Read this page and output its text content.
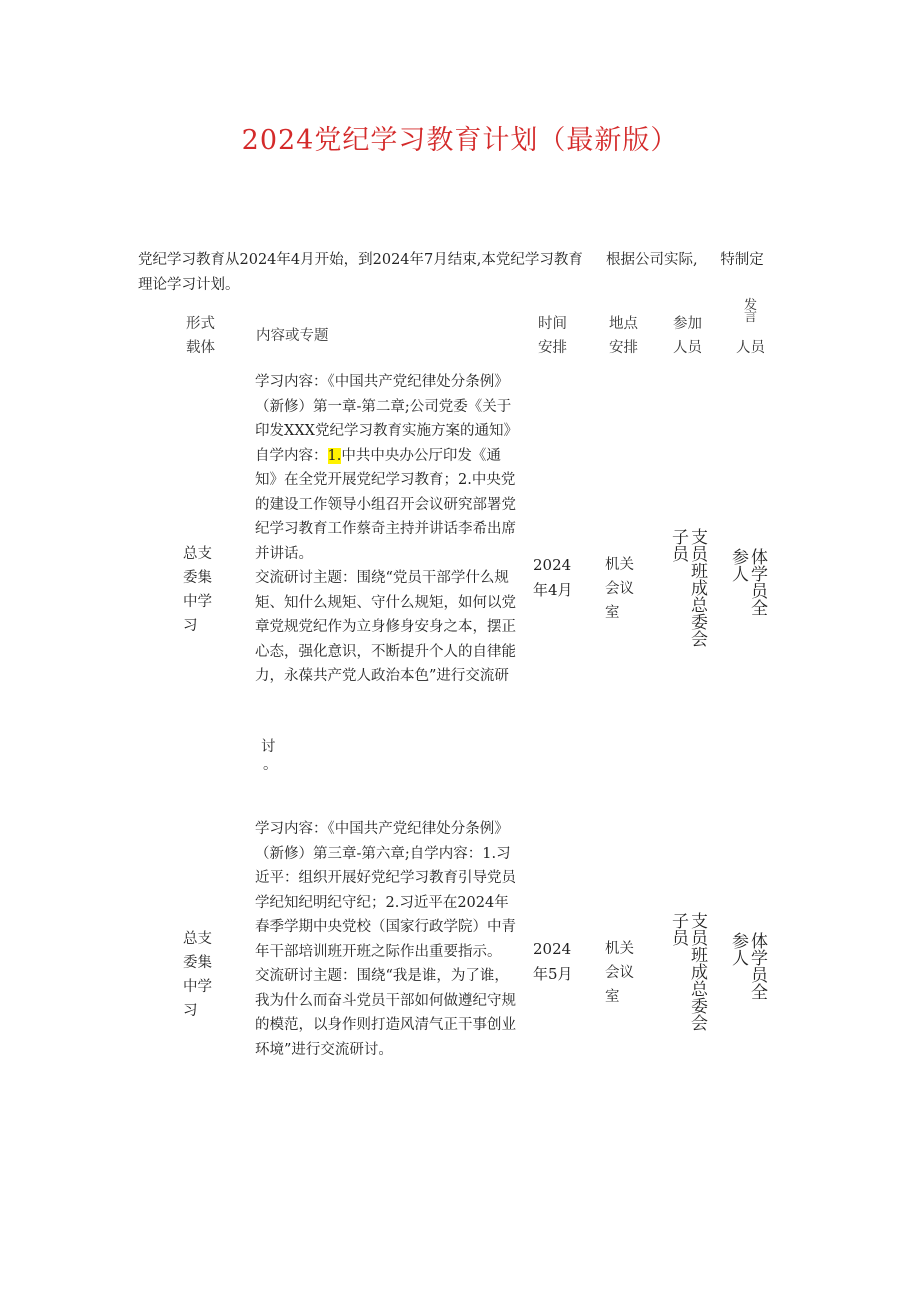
2024党纪学习教育计划（最新版）
党纪学习教育从2024年4月开始，到2024年7月结束,本党纪学习教育理论学习计划。
根据公司实际, 特制定
形式
载体
内容或专题
时间
安排
地点
安排
参加
人员
发
言
人员
总支
委集
中学
习

学习内容：《中国共产党纪律处分条例》（新修）第一章-第二章;公司党委《关于印发XXX党纪学习教育实施方案的通知》

自学内容：1.中共中央办公厅印发《通知》在全党开展党纪学习教育；2.中央党的建设工作领导小组召开会议研究部署党纪学习教育工作蔡奇主持并讲话李希出席并讲话。

交流研讨主题：围绕“党员干部学什么规矩、知什么规矩、守什么规矩，如何以党章党规党纪作为立身修身安身之本，摆正心态，强化意识，不断提升个人的自律能力，永葆共产党人政治本色”进行交流研

讨

。

2024
年4月
机关
会议
室	支员班成总委会子员
体学员全参人
总支
委集
中学
习

学习内容：《中国共产党纪律处分条例》（新修）第三章-第六章;自学内容：1.习近平：组织开展好党纪学习教育引导党员学纪知纪明纪守纪；2.习近平在2024年春季学期中央党校（国家行政学院）中青年干部培训班开班之际作出重要指示。

交流研讨主题：围绕“我是谁，为了谁，我为什么而奋斗党员干部如何做遵纪守规的模范，以身作则打造风清气正干事创业环境”进行交流研讨。

2024
年5月
机关
会议
室	支员班成总委会子员
体学员全参人
